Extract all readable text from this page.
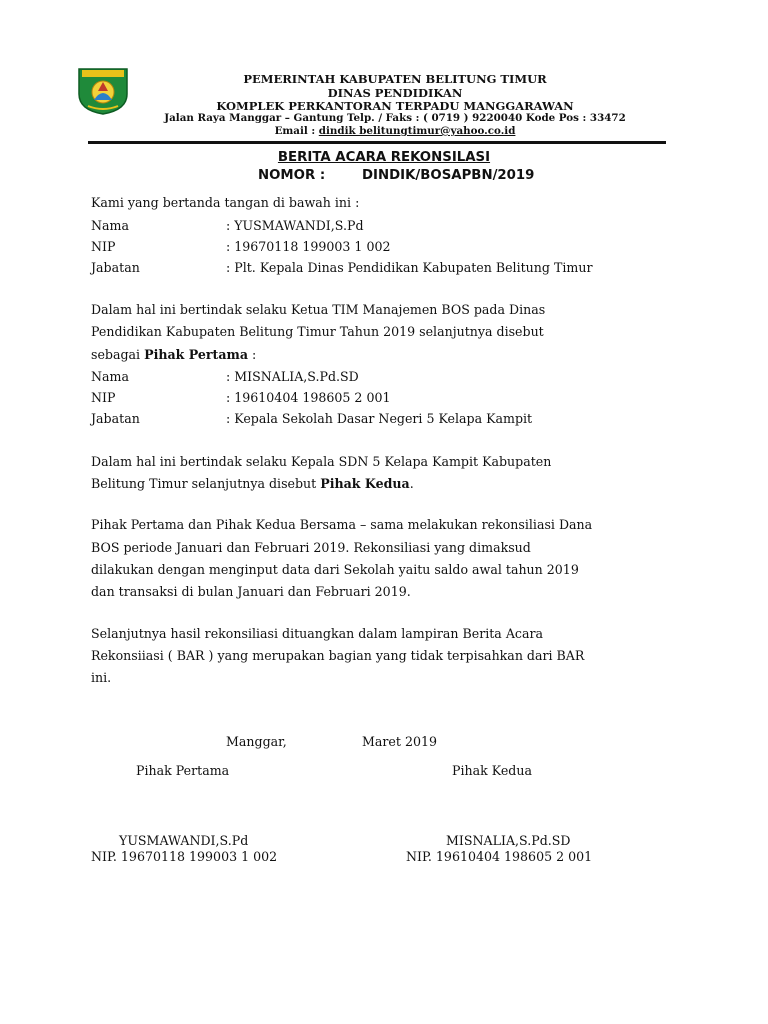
PEMERINTAH KABUPATEN BELITUNG TIMUR
DINAS PENDIDIKAN
KOMPLEK PERKANTORAN TERPADU MANGGARAWAN
Jalan Raya Manggar – Gantung Telp. / Faks : ( 0719 ) 9220040 Kode Pos : 33472
Email : dindik belitungtimur@yahoo.co.id
BERITA ACARA REKONSILASI
NOMOR :	DINDIK/BOSAPBN/2019
Kami yang bertanda tangan di bawah ini :
Nama	: YUSMAWANDI,S.Pd
NIP	: 19670118 199003 1 002
Jabatan	: Plt. Kepala Dinas Pendidikan Kabupaten Belitung Timur
Dalam hal ini bertindak selaku Ketua TIM Manajemen BOS pada Dinas
Pendidikan Kabupaten Belitung Timur Tahun 2019 selanjutnya disebut
sebagai Pihak Pertama :
Nama	: MISNALIA,S.Pd.SD
NIP	: 19610404 198605 2 001
Jabatan	: Kepala Sekolah Dasar Negeri 5 Kelapa Kampit
Dalam hal ini bertindak selaku Kepala SDN 5 Kelapa Kampit Kabupaten
Belitung Timur selanjutnya disebut Pihak Kedua.
Pihak Pertama dan Pihak Kedua Bersama – sama melakukan rekonsiliasi Dana
BOS periode Januari dan Februari 2019. Rekonsiliasi yang dimaksud
dilakukan dengan menginput data dari Sekolah yaitu saldo awal tahun 2019
dan transaksi di bulan Januari dan Februari 2019.
Selanjutnya hasil rekonsiliasi dituangkan dalam lampiran Berita Acara
Rekonsiiasi ( BAR ) yang merupakan bagian yang tidak terpisahkan dari BAR
ini.
Manggar,	Maret 2019
Pihak Pertama	Pihak Kedua
YUSMAWANDI,S.Pd
NIP. 19670118 199003 1 002
MISNALIA,S.Pd.SD
NIP. 19610404 198605 2 001
